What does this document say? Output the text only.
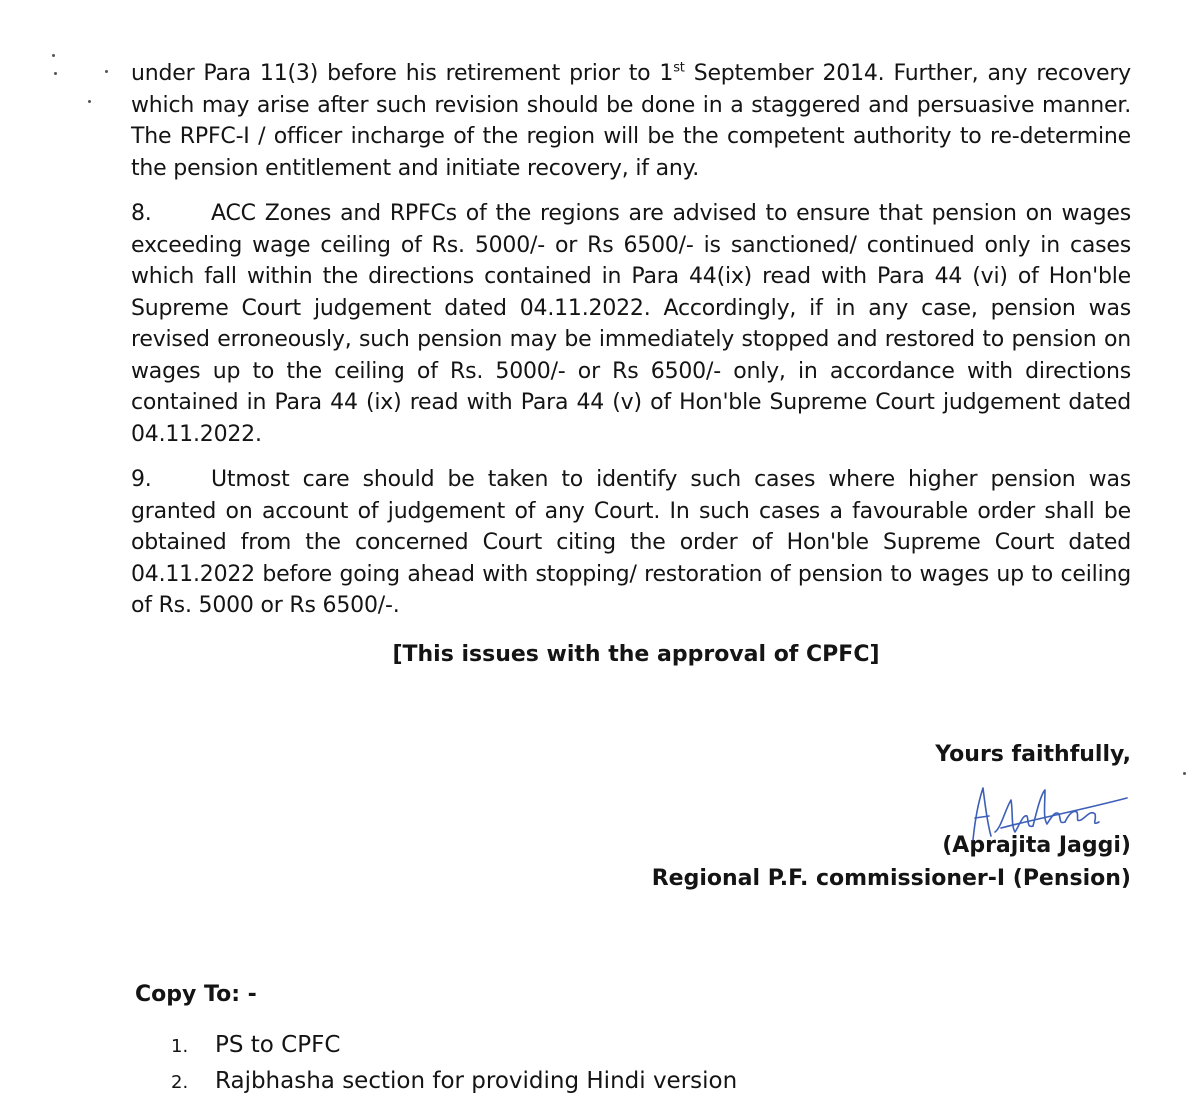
under Para 11(3) before his retirement prior to 1st September 2014. Further, any recovery which may arise after such revision should be done in a staggered and persuasive manner. The RPFC-I / officer incharge of the region will be the competent authority to re-determine the pension entitlement and initiate recovery, if any.

8.	ACC Zones and RPFCs of the regions are advised to ensure that pension on wages exceeding wage ceiling of Rs. 5000/- or Rs 6500/- is sanctioned/ continued only in cases which fall within the directions contained in Para 44(ix) read with Para 44 (vi) of Hon'ble Supreme Court judgement dated 04.11.2022. Accordingly, if in any case, pension was revised erroneously, such pension may be immediately stopped and restored to pension on wages up to the ceiling of Rs. 5000/- or Rs 6500/- only, in accordance with directions contained in Para 44 (ix) read with Para 44 (v) of Hon'ble Supreme Court judgement dated 04.11.2022.

9.	Utmost care should be taken to identify such cases where higher pension was granted on account of judgement of any Court. In such cases a favourable order shall be obtained from the concerned Court citing the order of Hon'ble Supreme Court dated 04.11.2022 before going ahead with stopping/ restoration of pension to wages up to ceiling of Rs. 5000 or Rs 6500/-.

[This issues with the approval of CPFC]

Yours faithfully,
(Aprajita Jaggi)
Regional P.F. commissioner-I (Pension)
Copy To: -
1. PS to CPFC
2. Rajbhasha section for providing Hindi version
